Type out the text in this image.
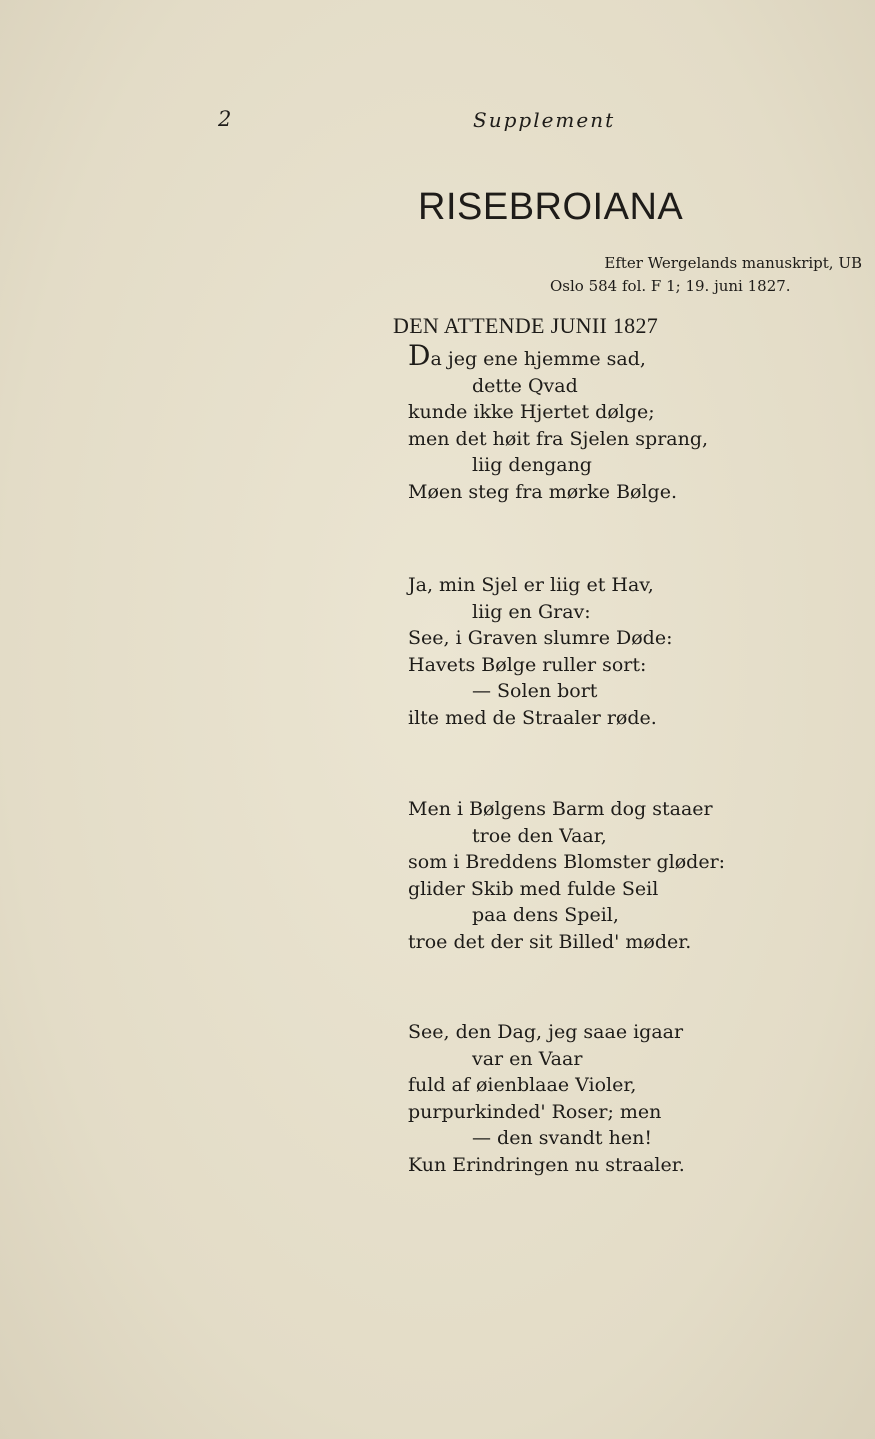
2	Supplement
RISEBROIANA
Efter Wergelands manuskript, UB
Oslo 584 fol. F 1; 19. juni 1827.
DEN ATTENDE JUNII 1827
Da jeg ene hjemme sad,
dette Qvad
kunde ikke Hjertet dølge;
men det høit fra Sjelen sprang,
liig dengang
Møen steg fra mørke Bølge.
Ja, min Sjel er liig et Hav,
liig en Grav:
See, i Graven slumre Døde:
Havets Bølge ruller sort:
— Solen bort
ilte med de Straaler røde.
Men i Bølgens Barm dog staaer
troe den Vaar,
som i Breddens Blomster gløder:
glider Skib med fulde Seil
paa dens Speil,
troe det der sit Billed' møder.
See, den Dag, jeg saae igaar
var en Vaar
fuld af øienblaae Violer,
purpurkinded' Roser; men
— den svandt hen!
Kun Erindringen nu straaler.
